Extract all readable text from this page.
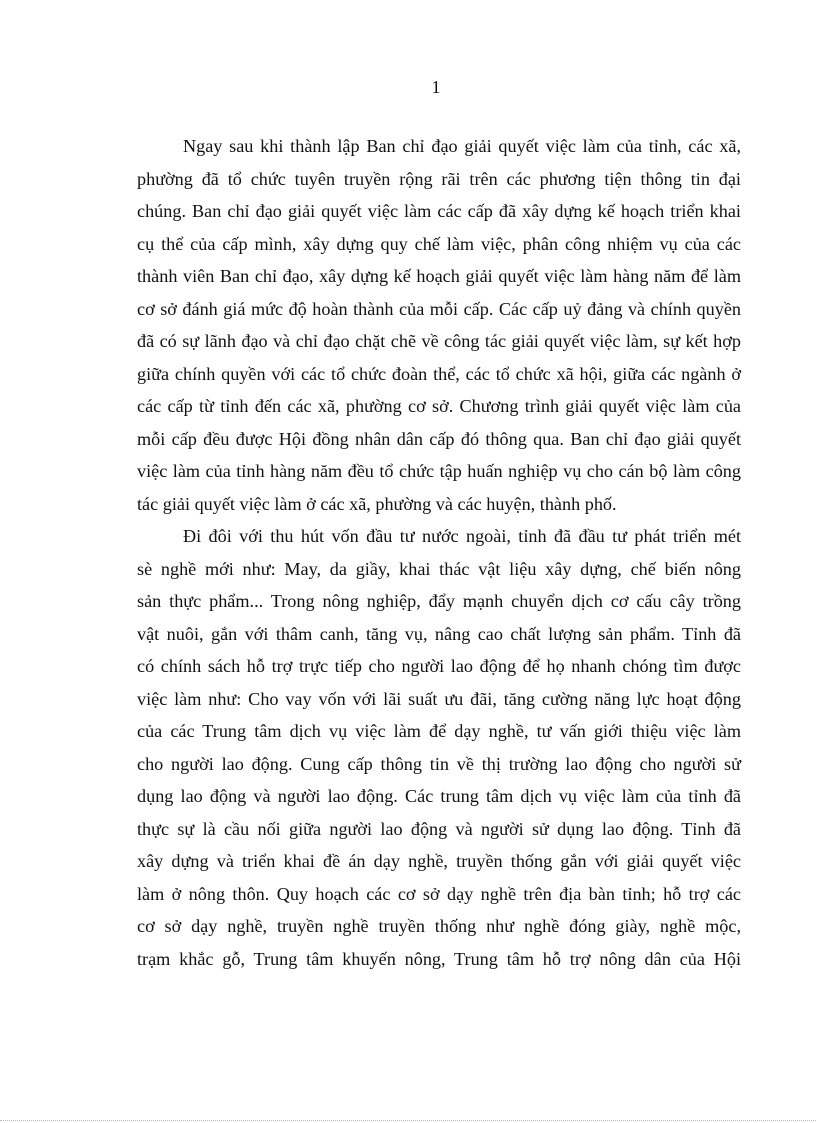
1
Ngay sau khi thành lập Ban chỉ đạo giải quyết việc làm của tỉnh, các xã,
phường đã tổ chức tuyên truyền rộng rãi trên các phương tiện thông tin đại
chúng. Ban chỉ đạo giải quyết việc làm các cấp đã xây dựng kế hoạch triển khai
cụ thể của cấp mình, xây dựng quy chế làm việc, phân công nhiệm vụ của các
thành viên Ban chỉ đạo, xây dựng kế hoạch giải quyết việc làm hàng năm để làm
cơ sở đánh giá mức độ hoàn thành của mỗi cấp. Các cấp uỷ đảng và chính quyền
đã có sự lãnh đạo và chỉ đạo chặt chẽ về công tác giải quyết việc làm, sự kết hợp
giữa chính quyền với các tổ chức đoàn thể, các tổ chức xã hội, giữa các ngành ở
các cấp từ tỉnh đến các xã, phường cơ sở. Chương trình giải quyết việc làm của
mỗi cấp đều được Hội đồng nhân dân cấp đó thông qua. Ban chỉ đạo giải quyết
việc làm của tỉnh hàng năm đều tổ chức tập huấn nghiệp vụ cho cán bộ làm công
tác giải quyết việc làm ở các xã, phường và các huyện, thành phố.
Đi đôi với thu hút vốn đầu tư nước ngoài, tỉnh đã đầu tư phát triển mét
sè nghề mới như: May, da giầy, khai thác vật liệu xây dựng, chế biến nông
sản thực phẩm... Trong nông nghiệp, đẩy mạnh chuyển dịch cơ cấu cây trồng
vật nuôi, gắn với thâm canh, tăng vụ, nâng cao chất lượng sản phẩm. Tỉnh đã
có chính sách hỗ trợ trực tiếp cho người lao động để họ nhanh chóng tìm được
việc làm như: Cho vay vốn với lãi suất ưu đãi, tăng cường năng lực hoạt động
của các Trung tâm dịch vụ việc làm để dạy nghề, tư vấn giới thiệu việc làm
cho người lao động. Cung cấp thông tin về thị trường lao động cho người sử
dụng lao động và người lao động. Các trung tâm dịch vụ việc làm của tỉnh đã
thực sự là cầu nối giữa người lao động và người sử dụng lao động. Tỉnh đã
xây dựng và triển khai đề án dạy nghề, truyền thống gắn với giải quyết việc
làm ở nông thôn. Quy hoạch các cơ sở dạy nghề trên địa bàn tỉnh; hỗ trợ các
cơ sở dạy nghề, truyền nghề truyền thống như nghề đóng giày, nghề mộc,
trạm khắc gỗ, Trung tâm khuyến nông, Trung tâm hỗ trợ nông dân của Hội
